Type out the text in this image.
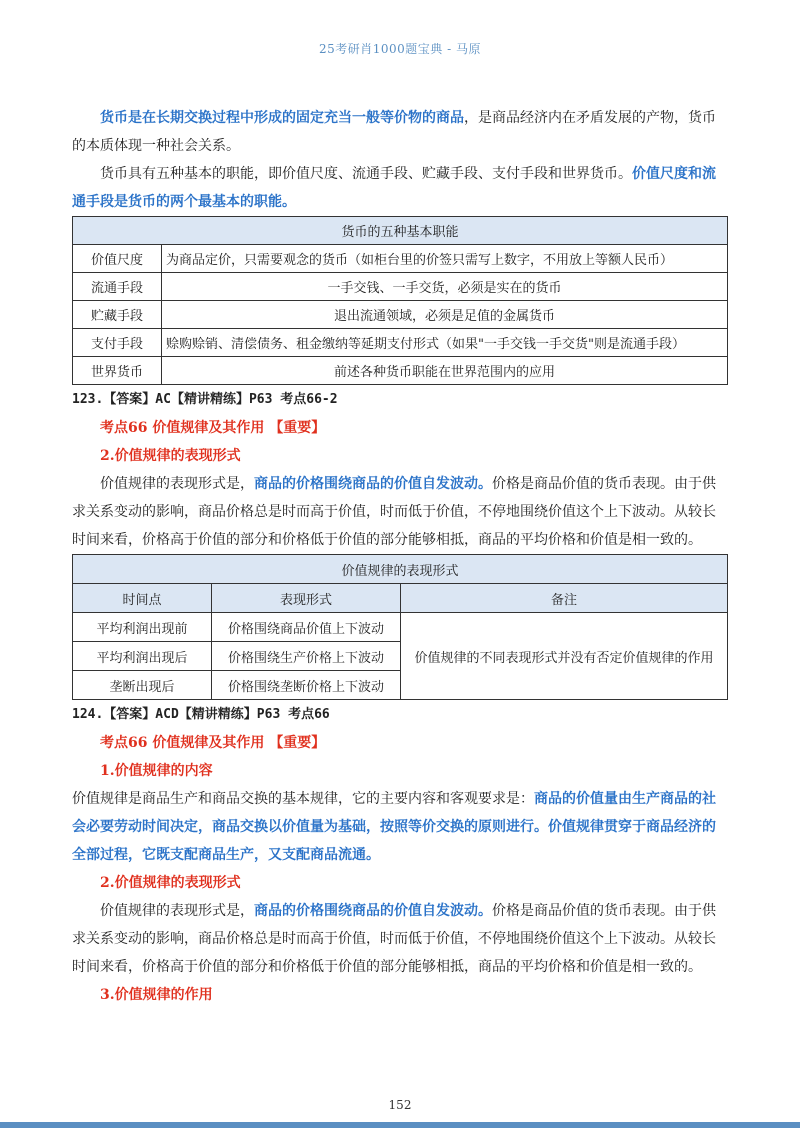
25考研肖1000题宝典 - 马原

货币是在长期交换过程中形成的固定充当一般等价物的商品，是商品经济内在矛盾发展的产物，货币的本质体现一种社会关系。

货币具有五种基本的职能，即价值尺度、流通手段、贮藏手段、支付手段和世界货币。价值尺度和流通手段是货币的两个最基本的职能。

货币的五种基本职能	
价值尺度	为商品定价，只需要观念的货币（如柜台里的价签只需写上数字，不用放上等额人民币）
流通手段	一手交钱、一手交货，必须是实在的货币
贮藏手段	退出流通领域，必须是足值的金属货币
支付手段	赊购赊销、清偿债务、租金缴纳等延期支付形式（如果"一手交钱一手交货"则是流通手段）
世界货币	前述各种货币职能在世界范围内的应用

123.【答案】AC【精讲精练】P63 考点66-2

考点66 价值规律及其作用 【重要】

2.价值规律的表现形式

价值规律的表现形式是，商品的价格围绕商品的价值自发波动。价格是商品价值的货币表现。由于供求关系变动的影响，商品价格总是时而高于价值，时而低于价值，不停地围绕价值这个上下波动。从较长时间来看，价格高于价值的部分和价格低于价值的部分能够相抵，商品的平均价格和价值是相一致的。

价值规律的表现形式		
时间点	表现形式	备注
平均利润出现前	价格围绕商品价值上下波动	价值规律的不同表现形式并没有否定价值规律的作用
平均利润出现后	价格围绕生产价格上下波动	
垄断出现后	价格围绕垄断价格上下波动	

124.【答案】ACD【精讲精练】P63 考点66

考点66 价值规律及其作用 【重要】

1.价值规律的内容

价值规律是商品生产和商品交换的基本规律，它的主要内容和客观要求是：商品的价值量由生产商品的社会必要劳动时间决定，商品交换以价值量为基础，按照等价交换的原则进行。价值规律贯穿于商品经济的全部过程，它既支配商品生产，又支配商品流通。

2.价值规律的表现形式

价值规律的表现形式是，商品的价格围绕商品的价值自发波动。价格是商品价值的货币表现。由于供求关系变动的影响，商品价格总是时而高于价值，时而低于价值，不停地围绕价值这个上下波动。从较长时间来看，价格高于价值的部分和价格低于价值的部分能够相抵，商品的平均价格和价值是相一致的。

3.价值规律的作用

152
